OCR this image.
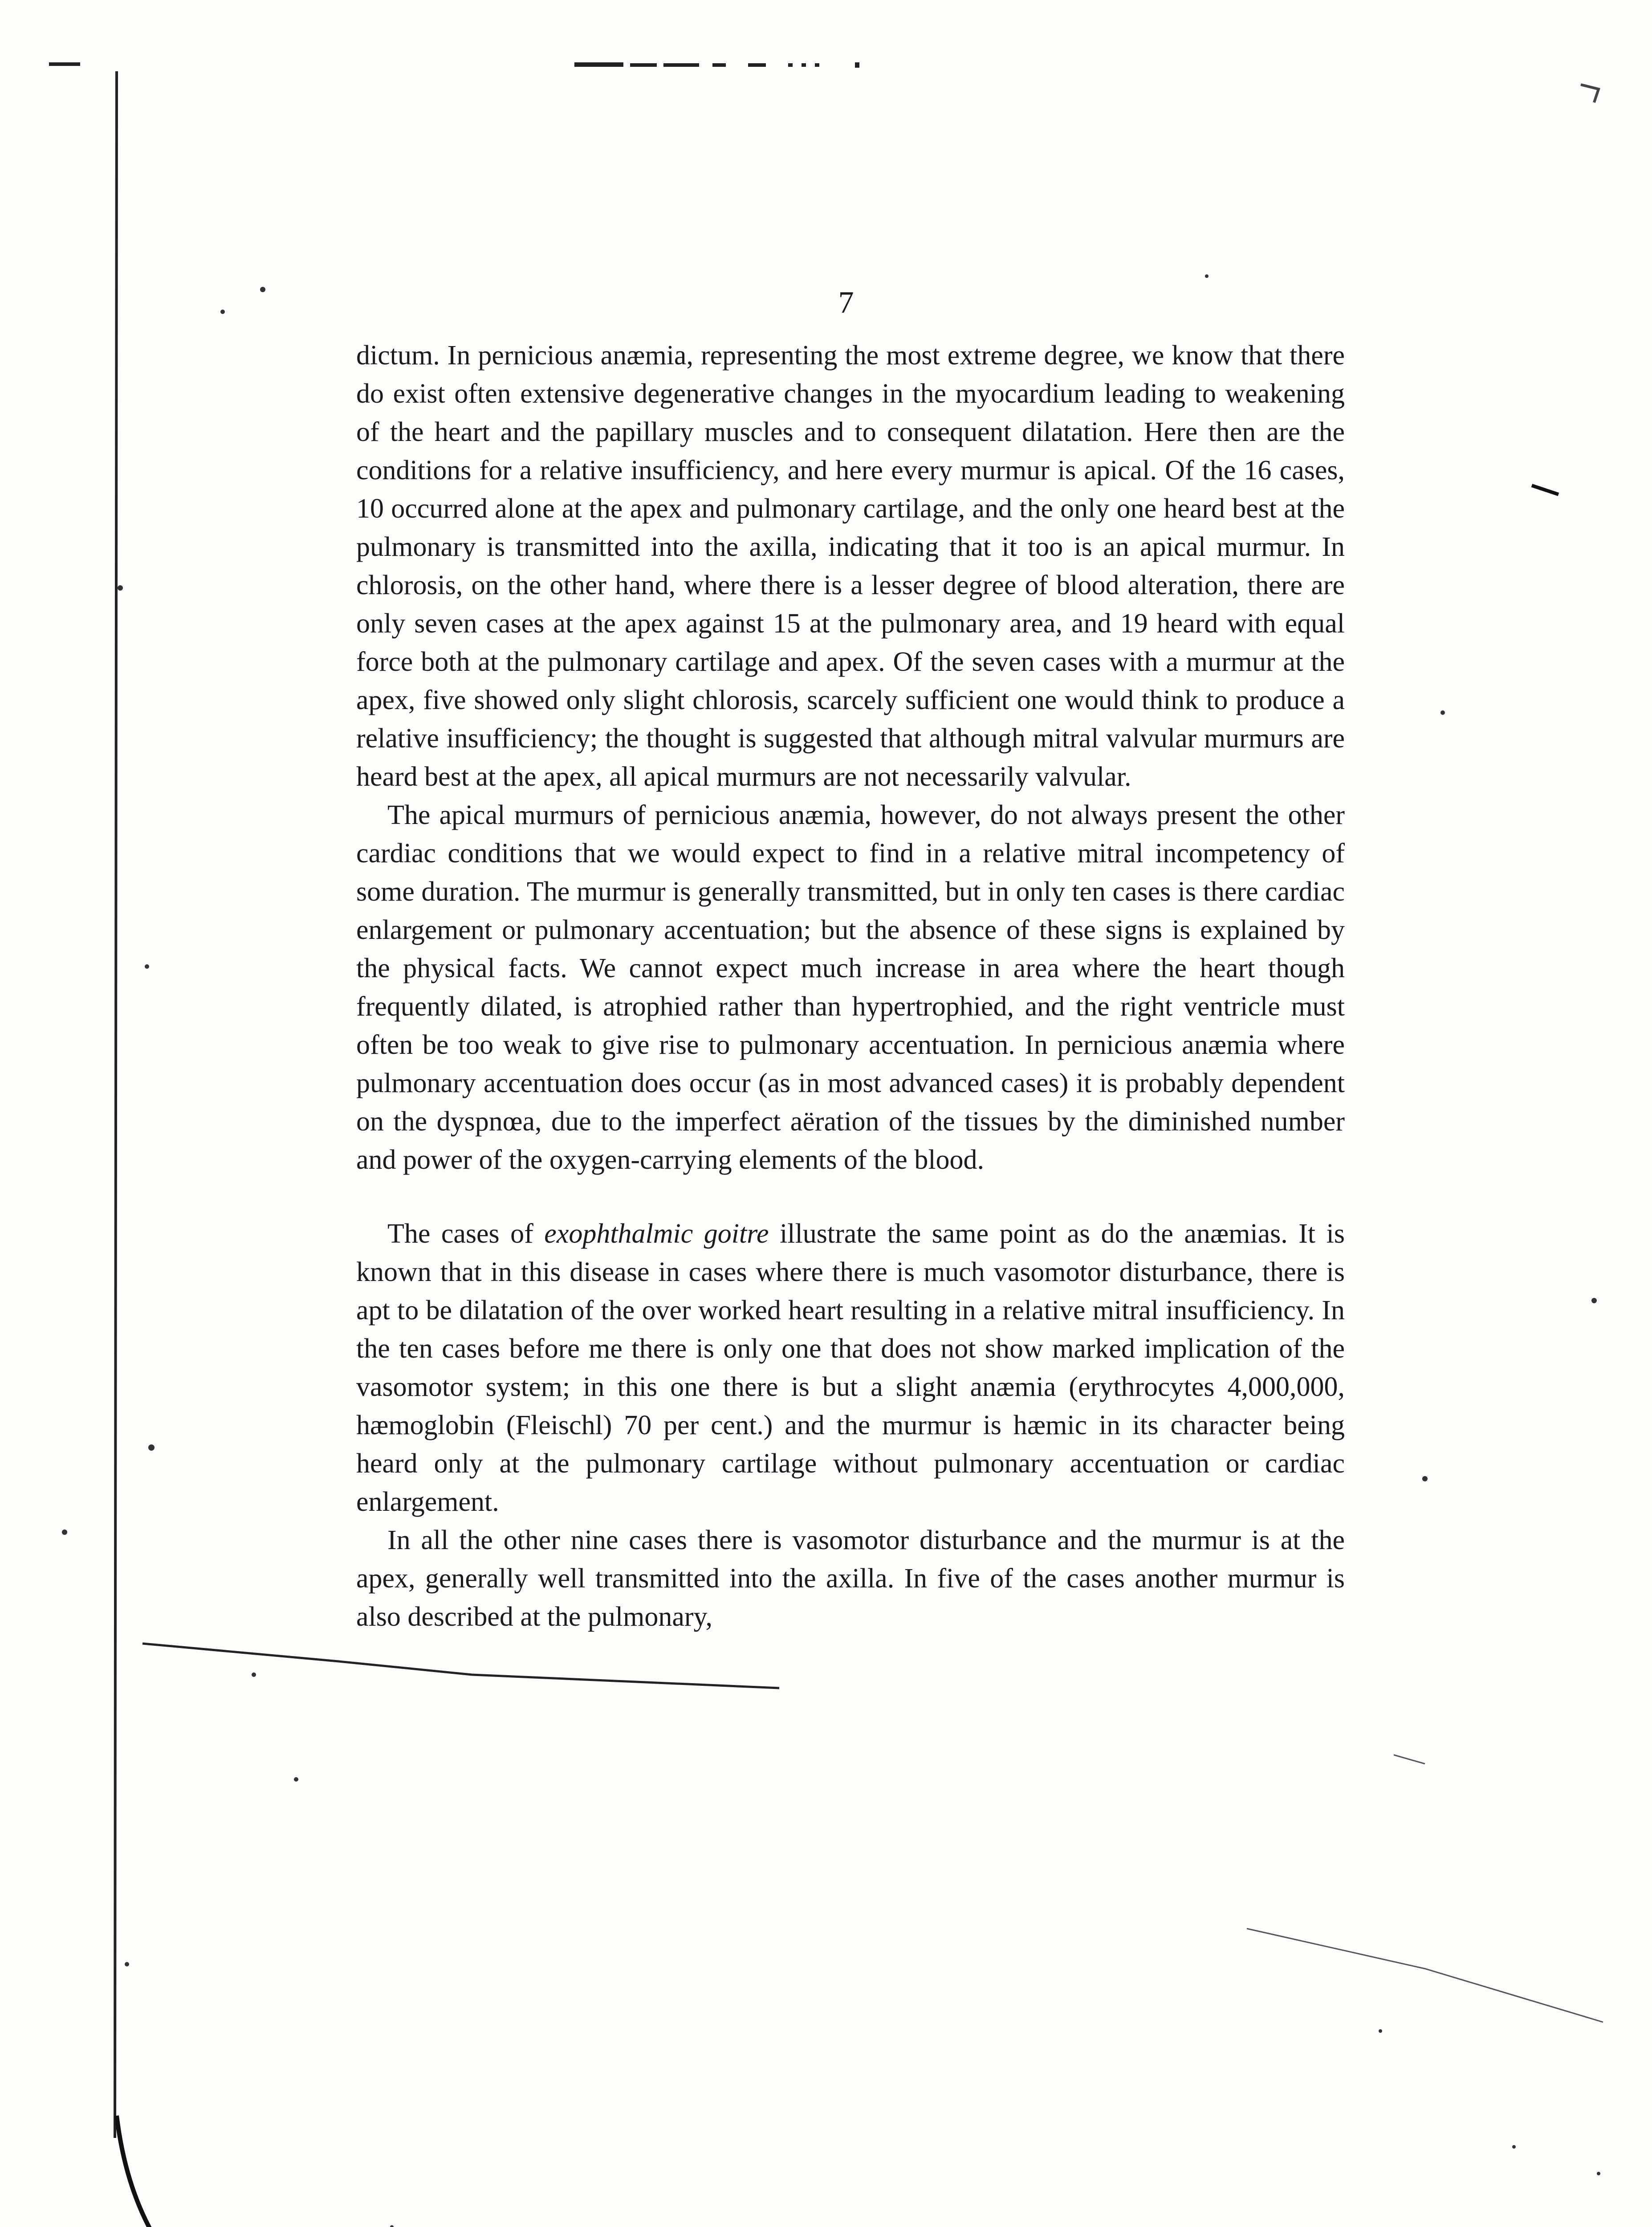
7

dictum. In pernicious anæmia, representing the most extreme degree, we know that there do exist often extensive degenerative changes in the myocardium leading to weakening of the heart and the papillary muscles and to consequent dilatation. Here then are the conditions for a relative insufficiency, and here every murmur is apical. Of the 16 cases, 10 occurred alone at the apex and pulmonary cartilage, and the only one heard best at the pulmonary is transmitted into the axilla, indicating that it too is an apical murmur. In chlorosis, on the other hand, where there is a lesser degree of blood alteration, there are only seven cases at the apex against 15 at the pulmonary area, and 19 heard with equal force both at the pulmonary cartilage and apex. Of the seven cases with a murmur at the apex, five showed only slight chlorosis, scarcely sufficient one would think to produce a relative insufficiency; the thought is suggested that although mitral valvular murmurs are heard best at the apex, all apical murmurs are not necessarily valvular.

The apical murmurs of pernicious anæmia, however, do not always present the other cardiac conditions that we would expect to find in a relative mitral incompetency of some duration. The murmur is generally transmitted, but in only ten cases is there cardiac enlargement or pulmonary accentuation; but the absence of these signs is explained by the physical facts. We cannot expect much increase in area where the heart though frequently dilated, is atrophied rather than hypertrophied, and the right ventricle must often be too weak to give rise to pulmonary accentuation. In pernicious anæmia where pulmonary accentuation does occur (as in most advanced cases) it is probably dependent on the dyspnœa, due to the imperfect aëration of the tissues by the diminished number and power of the oxygen-carrying elements of the blood.

The cases of exophthalmic goitre illustrate the same point as do the anæmias. It is known that in this disease in cases where there is much vasomotor disturbance, there is apt to be dilatation of the over worked heart resulting in a relative mitral insufficiency. In the ten cases before me there is only one that does not show marked implication of the vasomotor system; in this one there is but a slight anæmia (erythrocytes 4,000,000, hæmoglobin (Fleischl) 70 per cent.) and the murmur is hæmic in its character being heard only at the pulmonary cartilage without pulmonary accentuation or cardiac enlargement.

In all the other nine cases there is vasomotor disturbance and the murmur is at the apex, generally well transmitted into the axilla. In five of the cases another murmur is also described at the pulmonary,
